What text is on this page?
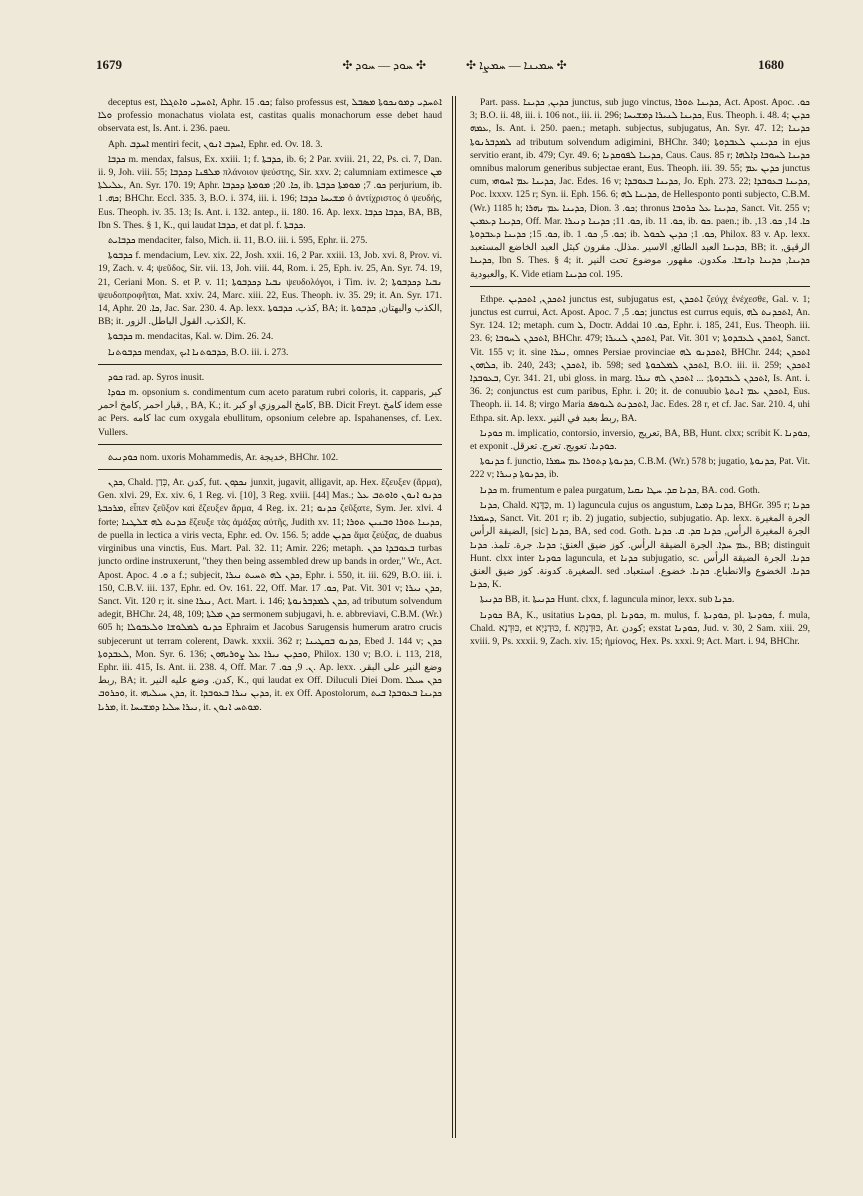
1679	✣ ܚܘܕ — ܚܘܕ ✣	✣ ܚܡܝܢܐ — ܚܡܨܐ ✣	1680

deceptus est, ܐܬܚܕܝ ܘܐܬܓܠܐ, Aphr. ܟܘ. 15; falso professus est, ܐܬܚܕܝ ܕܡܘܢܟܘܬܐ ܡܣܒܠ ܘܠܐ professio monachatus violata est, castitas qualis monachorum esse debet haud observata est, Is. Ant. i. 236. paeu.

Aph. ܐܚܕܒ mentiri fecit, ܐܚܕܒ ܐܢܘܢ, Ephr. ed. Ov. 18. 3.

ܟܕܒܐ m. mendax, falsus, Ex. xxiii. 1; f. ܟܕܒܬܐ, ib. 6; 2 Par. xviii. 21, 22, Ps. ci. 7, Dan. ii. 9, Joh. viii. 55; ܡܠܦܢܐ ܕܟܕܒܐ πλάνοιον ψεύστης, Sir. xxv. 2; calumniam extimesce ܡܢ ܥܠܝܠܬܐ, An. Syr. 170. 19; Aphr. ܟܐ. 20; ܡܘܡܬܐ ܕܟܕܒܐ, ib. ܟܘ. 7; ܡܘܡܬܐ ܟܕܒܬܐ perjurium, ib. ܟܗ. 1; BHChr. Eccl. 335. 3, B.O. i. 374, iii. i. 196; ܡܫܝܚܐ ܟܕܒܐ ὁ ἀντίχριστος ὁ ψευδής, Eus. Theoph. iv. 35. 13; Is. Ant. i. 132. antep., ii. 180. 16. Ap. lexx. ܟܕܒܐ ܟܕܒܐ, BA, BB, Ibn S. Thes. § 1, K., qui laudat ܟܕܒܐ, et dat pl. f. ܟܕܒܬܐ.

ܟܕܒܐܝܬ mendaciter, falso, Mich. ii. 11, B.O. iii. i. 595, Ephr. ii. 275.

ܟܕܒܘܬܐ f. mendacium, Lev. xix. 22, Josh. xxii. 16, 2 Par. xxiii. 13, Job. xvi. 8, Prov. vi. 19, Zach. v. 4; ψεῦδος, Sir. vii. 13, Joh. viii. 44, Rom. i. 25, Eph. iv. 25, An. Syr. 74. 19, 21, Ceriani Mon. S. et P. v. 11; ܢܒܝܐ ܕܟܕܒܘܬܐ ψευδολόγοι, i Tim. iv. 2; ܢܒܝܐ ܕܟܕܒܘܬܐ ψευδοπροφῆται, Mat. xxiv. 24, Marc. xiii. 22, Eus. Theoph. iv. 35. 29; it. An. Syr. 171. 14, Aphr. ܟܐ. 20, Jac. Sar. 230. 4. Ap. lexx. كذب. ܟܕܒܘܬܐ, BA; it. الكذب والبهتان, ܟܕܒܘܬܐ, BB; it. الكذب. القول الباطل. الزور, K.

ܟܕܒܘܬܐ m. mendacitas, Kal. w. Dim. 26. 24.

ܟܕܒܘܬܢܐ mendax, ܟܕܒܘܬܢܐ ܐܝܟ, B.O. iii. i. 273.

ܟܘܕ rad. ap. Syros inusit.

ܟܘܕܐ m. opsonium s. condimentum cum aceto paratum rubri coloris, it. capparis, كبر ,قبار احمر ,كامخ احمر , BA, K.; it. كامخ المروزي او كبر, BB. Dicit Freyt. كامخ idem esse ac Pers. کامه lac cum oxygala ebullitum, opsonium celebre ap. Ispahanenses, cf. Lex. Vullers.

ܟܘܕܢܝܬ nom. uxoris Mohammedis, Ar. خديجة, BHChr. 102.

ܟܕܢ, Chald. כְּדַן, Ar. كدن, fut. ܢܟܕܘܢ junxit, jugavit, alligavit, ap. Hex. ἔζευξεν (ἅρμα), Gen. xlvi. 29, Ex. xiv. 6, 1 Reg. vi. [10], 3 Reg. xviii. [44] Mas.; ܟܕܢܘ ܐܢܘܢ ܘܐܘܬܒ ܥܠ ܡܪܟܒܬܐ, εἶπεν ζεῦξον καὶ ἔζευξεν ἅρμα, 4 Reg. ix. 21; ܟܕܢܘ ζεῦξατε, Sym. Jer. xlvi. 4 forte; ܟܕܢܬ ܠܗ ܫܠܛܢܐ ἔζευξε τὰς ἁμάξας αὐτῆς, Judith xv. 11; ܟܕܝܢܐ ܬܘܪܐ ܘܒܢܝܢ ܬܘܪܐ, de puella in lectica a viris vecta, Ephr. ed. Ov. 156. 5; adde ܟܕܝܢ ἅμα ζεύξας, de duabus virginibus una vinctis, Eus. Mart. Pal. 32. 11; Amir. 226; metaph. ܒܥܘܒܕܐ ܟܕܢ turbas juncto ordine instruxerunt, "they then being assembled drew up bands in order," Wr., Act. Apost. Apoc. ܘ. 4 a f.; subjecit, ܟܕܢ ܠܗ ܬܚܝܬ ܢܝܪܐ, Ephr. i. 550, it. iii. 629, B.O. iii. i. 150, C.B.V. iii. 137, Ephr. ed. Ov. 161. 22, Off. Mar. ܟܘ. 17, Pat. Vit. 301 v; ܟܕܢ ܢܝܪܐ, Sanct. Vit. 120 r; it. sine ܢܝܪܐ, Act. Mart. i. 146; ܟܕܢ ܠܡܕܒܪܢܘܬܐ, ad tributum solvendum adegit, BHChr. 24, 48, 109; ܟܕܢ ܡܠܬܐ sermonem subjugavi, h. e. abbreviavi, C.B.M. (Wr.) 605 h; ܟܕܢܘ ܠܡܠܘܫܐ ܘܠܥܒܘܠܐ Ephraim et Jacobus Sarugensis humerum aratro crucis subjecerunt ut terram colerent, Dawk. xxxii. 362 r; ܟܕܢܘ ܒܩܛܝܢܐ, Ebed J. 144 v; ܟܕܢ ܠܥܒܕܘܬܐ, Mon. Syr. 6. 136; ܘܟܕܝܢ ܢܝܪܐ ܥܠ ܨܘܪܝܗܘܢ, Philox. 130 v; B.O. i. 113, 218, Ephr. iii. 415, Is. Ant. ii. 238. 4, Off. Mar. ܢ. 9, ܟܘ. 7. Ap. lexx. وضع النير على البقر. ربط, BA; it. كدن. وضع عليه النير, K., qui laudat ex Off. Diluculi Diei Dom. ܟܕܢ ܚܝܠܐ ܘܟܪܘܒ, it. ܟܕܢ ܚܝܠܝܗܝ, it. ܟܕܝܢ ܢܝܪܐ ܒܥܘܒܕܐ, it. ex Off. Apostolorum, ܟܕܝܢܐ ܒܥܘܒܕܐ ܒܝܬ ܡܪܝܐ, it. ܢܝܪܐ ܚܠܝܐ ܕܡܫܝܚܐ, it. ܡܘܬܚ ܐܢܘܢ.

Part. pass. ܟܕܝܢ, ܟܕܝܢܐ junctus, sub jugo vinctus, ܟܕܝܢܐ ܬܘܪܐ, Act. Apost. Apoc. ܟܘ. 3; B.O. ii. 48, iii. i. 106 not., iii. ii. 296; ܟܕܝܢܐ ܠܢܝܪܐ ܕܡܫܝܚܐ, Eus. Theoph. i. 48. 4; ܟܕܝܢ ܥܡܗ, Is. Ant. i. 250. paen.; metaph. subjectus, subjugatus, An. Syr. 47. 12; ܟܕܝܢܐ ܠܡܕܒܪܢܘܬܐ ad tributum solvendum adigimini, BHChr. 340; ܟܕܝܢܝܢ ܠܥܒܕܘܬܐ in ejus servitio erant, ib. 479; Cyr. 49. 6; ܟܕܝܢܐ ܠܦܘܩܕܢܐ, Caus. Caus. 85 r; ܟܕܝܢܐ ܠܚܘܒܐ ܕܐܠܗܐ omnibus malorum generibus subjectae erant, Eus. Theoph. iii. 39. 55; ܟܕܝܢ ܥܡ junctus cum, ܟܕܝܢܐ ܥܡ ܐܚܘܗܝ, Jac. Edes. 16 v; ܟܕܝܢܐ ܒܥܘܒܕܐ, Jo. Eph. 273. 22; ܟܕܝܢܐ ܒܥܘܒܕܐ, Poc. lxxxv. 125 r; Syn. ii. Eph. 156. 6; ܟܕܝܢܐ ܠܗ, de Hellesponto ponti subjecto, C.B.M. (Wr.) 1185 h; ܟܕܝܢܐ ܥܡ ܢܗܪܐ, Dion. ܟܘ. 3; thronus ܟܕܝܢܐ ܥܠ ܟܪܘܒܐ, Sanct. Vit. 255 v; ܟܕܝܢܐ ܕܥܡܝܢ, Off. Mar. ܟܘ. 11; ܟܕܝܢܐ ܕܢܝܪܐ, ib. ܟܘ. 11, ib. ܟܘ. paen.; ib. ܟܐ. 14, ܟܘ. 13, ܟܘ. 15; ܟܕܝܢܐ ܕܥܒܕܘܬܐ, ib. ܟܘ. 5, ܟܘ. 1; ib. ܟܘ. 1; ܟܕܝܢ ܠܟܘܠ, Philox. 83 v. Ap. lexx. ܟܕܝܢܐ العبد الطائع, الاسير .مذلل. مقرون كبثل العبد الخاضع المستعبد, BB; it. الرقيق, ܟܕܝܢܐ, Ibn S. Thes. § 4; it. ܟܕܝܢܐ, ܟܕܝܢܐ ܕܐܢܫܐ. مكدون. مقهور. موضوع تحت النير والعبودية, K. Vide etiam ܟܕܝܢܐ col. 195.

Ethpe. ܐܬܟܕܢ, ܐܬܟܕܝܢ junctus est, subjugatus est, ܐܬܟܕܢ ζεύγχ ἐνέχεσθε, Gal. v. 1; junctus est currui, Act. Apost. Apoc. ܟܘ. 5, 7; junctus est currus equis, ܐܬܟܕܢܬ ܠܗ, An. Syr. 124. 12; metaph. cum ܠ, Doctr. Addai ܟܘ. 10, Ephr. i. 185, 241, Eus. Theoph. iii. 23. 6; ܐܬܟܕܢ ܠܚܘܒܐ, BHChr. 479; ܐܬܟܕܢ ܠܢܝܪܐ, Pat. Vit. 301 v; ܐܬܟܕܢ ܠܥܒܕܘܬܐ, Sanct. Vit. 155 v; it. sine ܢܝܪܐ, omnes Persiae provinciae ܐܬܟܕܢܘ ܠܗ, BHChr. 244; ܐܬܟܕܢ ܟܠܗܘܢ, ib. 240, 243; ܐܬܟܕܢ, ib. 598; sed ܐܬܟܕܢ ܠܡܠܟܘܬܐ, B.O. iii. ii. 259; ܐܬܟܕܢ ܒܥܘܒܕܐ, Cyr. 341. 21, ubi gloss. in marg. ܐܬܟܕܢ ܠܥܒܕܘܬܐ; ... ܐܬܟܕܢ ܠܗ ܢܝܪܐ, Is. Ant. i. 36. 2; conjunctus est cum paribus, Ephr. i. 20; it. de conuubio ܐܬܟܕܢ ܥܡ ܐܢܬܬܐ, Eus. Theoph. ii. 14. 8; virgo Maria ܐܬܟܕܢܬ ܠܝܘܣܦ, Jac. Edes. 28 r, et cf. Jac. Sar. 210. 4, uhi Ethpa. sit. Ap. lexx. ربط بعبد في النير, BA.

ܟܘܕܢܐ m. implicatio, contorsio, inversio, تعريج, BA, BB, Hunt. clxx; scribit K. ܟܘܕܢܐ, et exponit .ܟܘܕܢܐ. تعويج. تعرج. تعرقل.

ܟܕܢܘܬܐ f. junctio, ܟܕܢܘܬܐ ܕܬܘܪܐ ܥܡ ܚܡܪܐ, C.B.M. (Wr.) 578 b; jugatio, ܟܕܢܘܬܐ, Pat. Vit. 222 v; ܟܕܢܘܬܐ ܕܢܝܪܐ, ib.

ܟܕܢܐ m. frumentum e palea purgatum, ܟܕܢܐ ܩܕ. ܚܛܐ ܢܩܝܐ, BA. cod. Goth.

ܟܕܢܐ, Chald. כַּדָּנָא, m. 1) laguncula cujus os angustum, ܟܕܢܐ ܕܡܝܐ, BHGr. 395 r; ܟܕܢܐ ܕܚܡܪܐ, Sanct. Vit. 201 r; ib. 2) jugatio, subjectio, subjugatio. Ap. lexx. الجرة المغيرة الضيقة الرأس, [sic] ܟܕܢܐ, BA, sed cod. Goth. الجرة المغيرة الرأس, ܟܕܢܐ ܩܕ. ܩ. ܟܕܢܐ ܥܡ ܚܕܐ. الجرة الضيقة الرأس. كوز ضيق العنق; ܟܕܢܐ. جرة. تلمذ. ܟܕܢܐ, BB; distinguit Hunt. clxx inter ܟܘܕܢܐ laguncula, et ܟܕܢܐ subjugatio, sc. ܟܕܢܐ. الجرة الضيقة الرأس الصغيرة. كدونة. كوز ضيق العنق. sed ܟܕܢܐ. الخضوع والانطباع. ܟܕܢܐ. خضوع. استعباد. ܟܕܢܐ, K.

ܟܕܢܝܬܐ BB, it. ܟܕܢܝܬܐ Hunt. clxx, f. laguncula minor, lexx. sub ܟܕܢܐ.

ܟܘܕܢܐ BA, K., usitatius ܟܘܕܢܐ, pl. ܟܘܕܢܐ, m. mulus, f. ܟܘܕܢܬܐ, pl. ܟܘܕܢܬܐ, f. mula, Chald. כּוּדְנָא, et כּוּדַנְיָא, f. כּוּדַנְתָּא, Ar. كودن; exstat ܟܘܕܢܐ, Jud. v. 30, 2 Sam. xiii. 29, xviii. 9, Ps. xxxii. 9, Zach. xiv. 15; ἡμίονος, Hex. Ps. xxxi. 9; Act. Mart. i. 94, BHChr.
